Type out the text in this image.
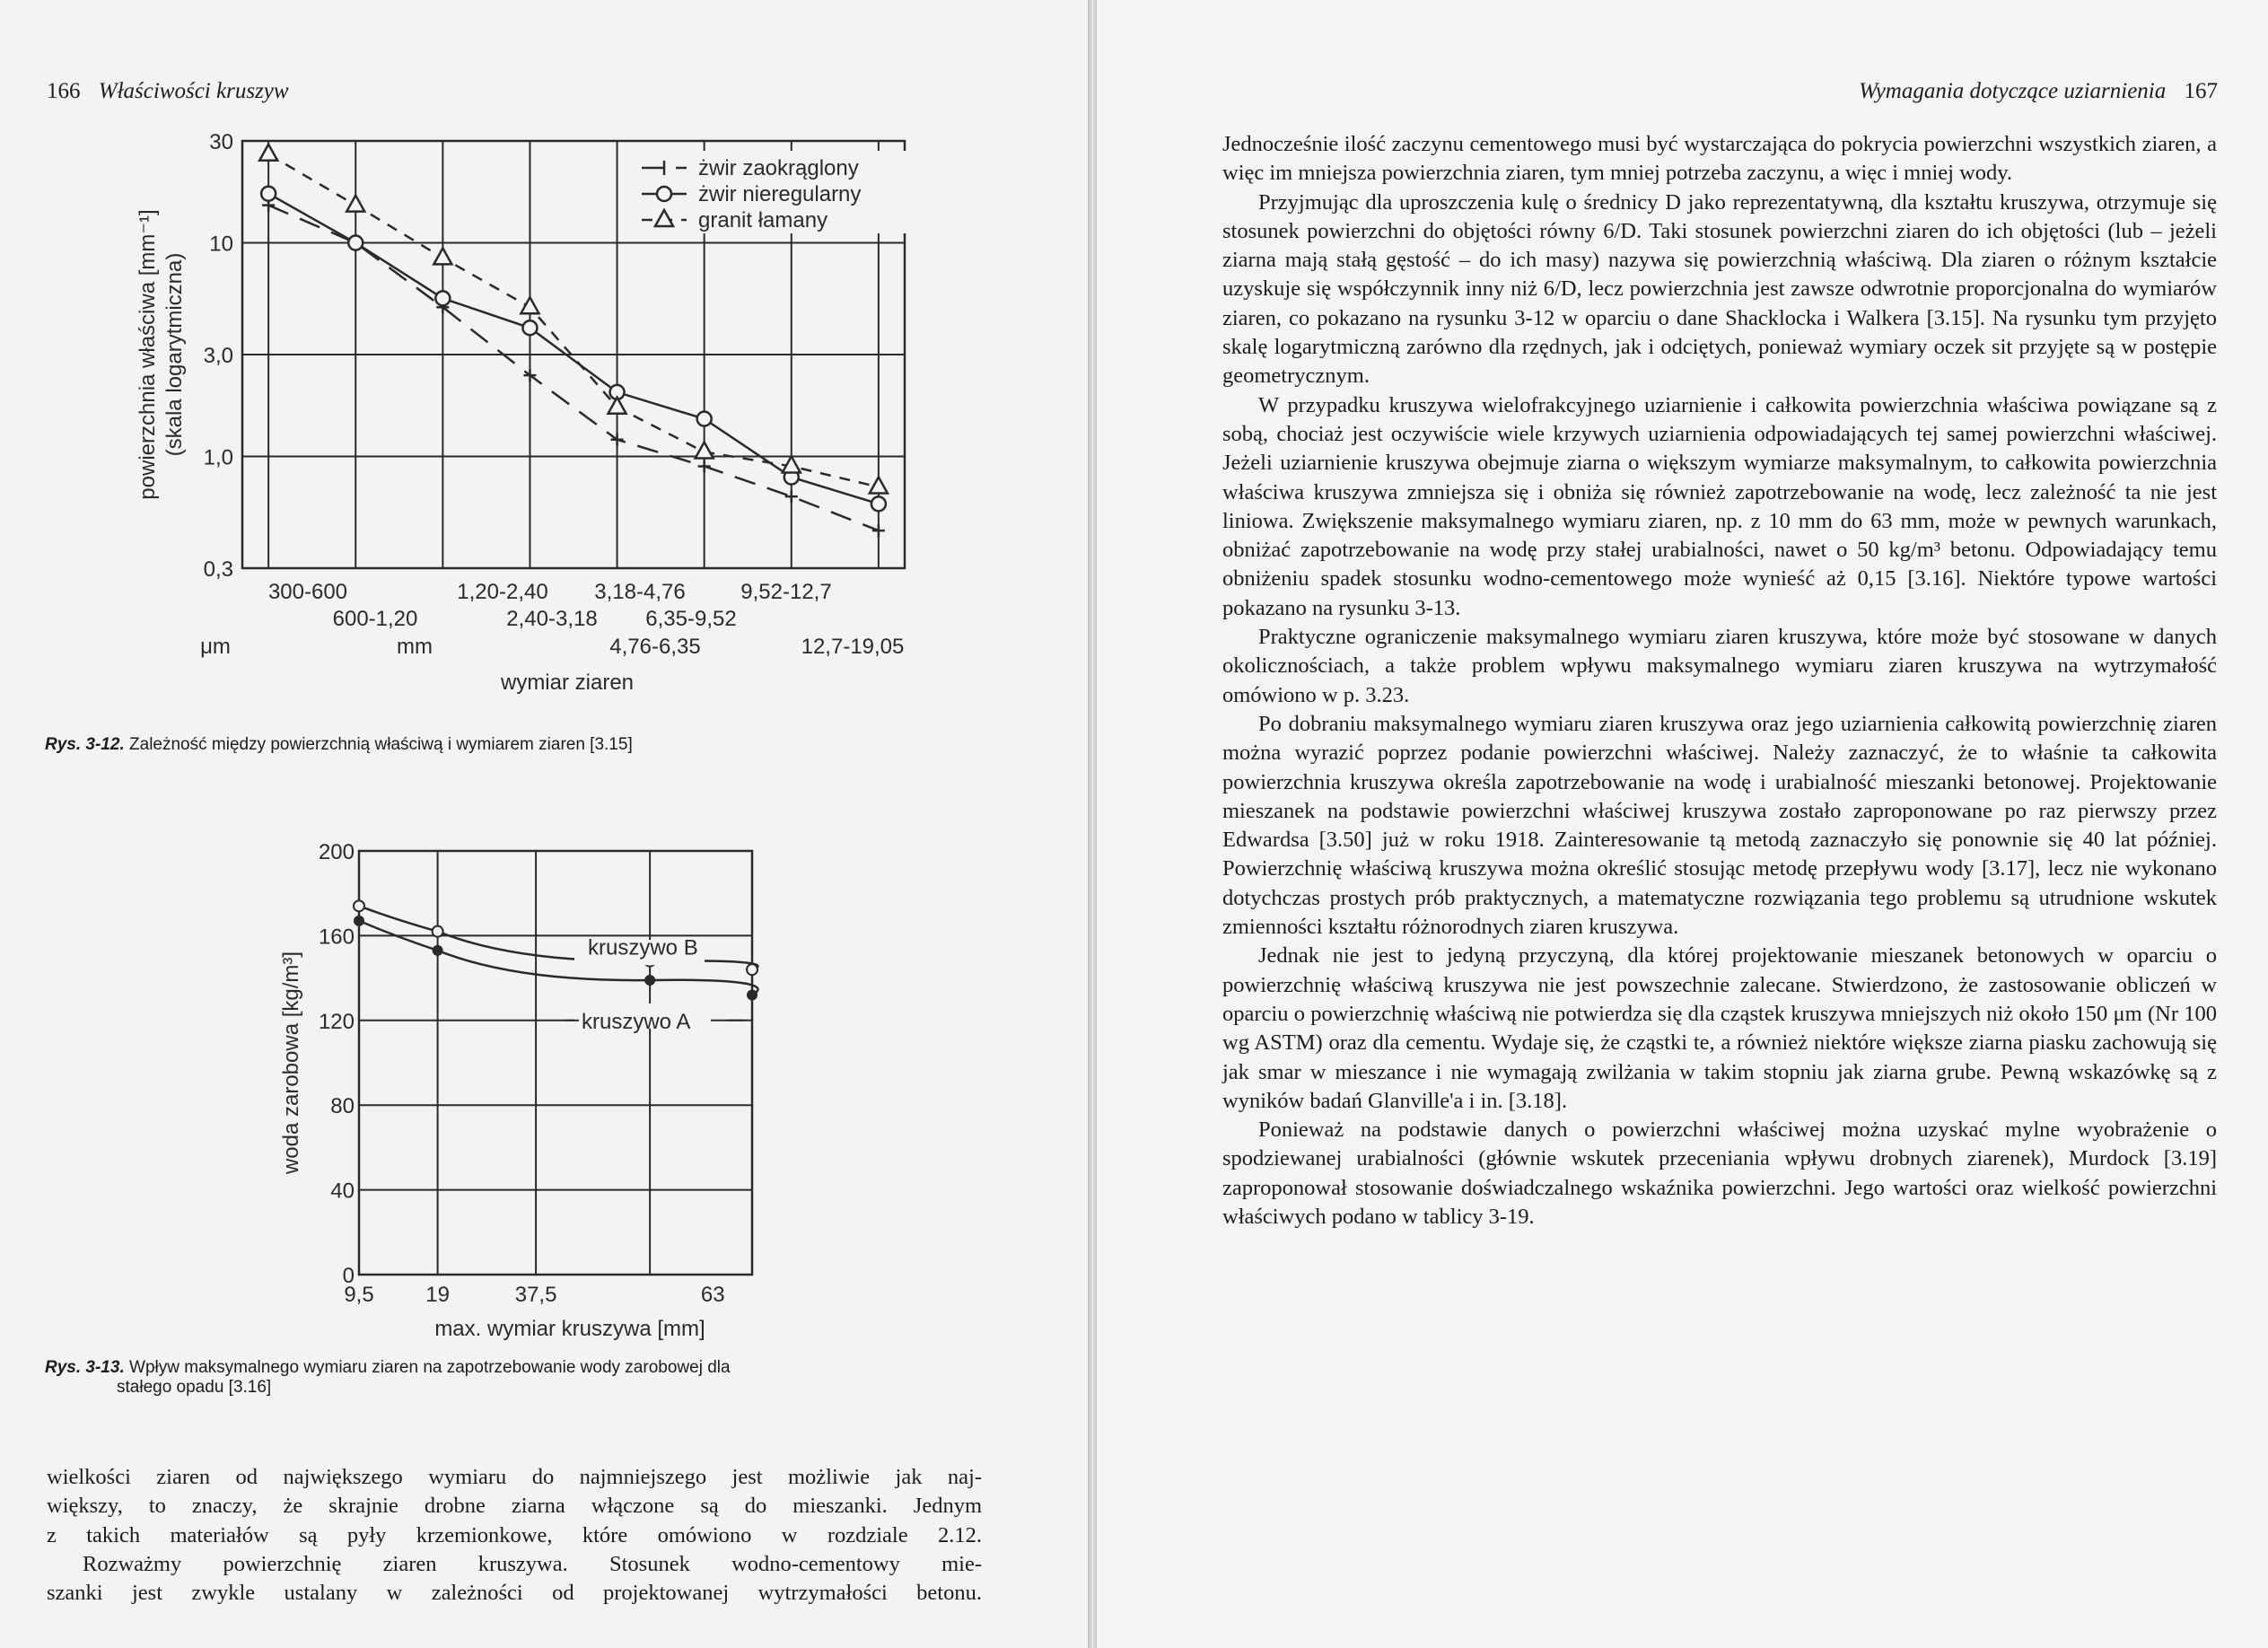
166 Właściwości kruszyw
30
10
3,0
1,0
0,3
powierzchnia właściwa [mm⁻¹] (skala logarytmiczna)
300-600
600-1,20
μm	mm
1,20-2,40
2,40-3,18
3,18-4,76
4,76-6,35
6,35-9,52
9,52-12,7
12,7-19,05
wymiar ziaren
żwir zaokrąglony
żwir nieregularny
granit łamany
Rys. 3-12. Zależność między powierzchnią właściwą i wymiarem ziaren [3.15]
0
40
80
120
160
200
woda zarobowa [kg/m³]
9,5 19	37,5	63
max. wymiar kruszywa [mm]
kruszywo B
kruszywo A
Rys. 3-13. Wpływ maksymalnego wymiaru ziaren na zapotrzebowanie wody zarobowej dla
stałego opadu [3.16]
wielkości ziaren od największego wymiaru do najmniejszego jest możliwie jak naj-
większy, to znaczy, że skrajnie drobne ziarna włączone są do mieszanki. Jednym
z takich materiałów są pyły krzemionkowe, które omówiono w rozdziale 2.12.
Rozważmy powierzchnię ziaren kruszywa. Stosunek wodno-cementowy mie-
szanki jest zwykle ustalany w zależności od projektowanej wytrzymałości betonu.
Wymagania dotyczące uziarnienia 167

Jednocześnie ilość zaczynu cementowego musi być wystarczająca do pokrycia powierzchni wszystkich ziaren, a więc im mniejsza powierzchnia ziaren, tym mniej potrzeba zaczynu, a więc i mniej wody.

Przyjmując dla uproszczenia kulę o średnicy D jako reprezentatywną, dla kształtu kruszywa, otrzymuje się stosunek powierzchni do objętości równy 6/D. Taki stosunek powierzchni ziaren do ich objętości (lub – jeżeli ziarna mają stałą gęstość – do ich masy) nazywa się powierzchnią właściwą. Dla ziaren o różnym kształcie uzyskuje się współczynnik inny niż 6/D, lecz powierzchnia jest zawsze odwrotnie proporcjonalna do wymiarów ziaren, co pokazano na rysunku 3-12 w oparciu o dane Shacklocka i Walkera [3.15]. Na rysunku tym przyjęto skalę logarytmiczną zarówno dla rzędnych, jak i odciętych, ponieważ wymiary oczek sit przyjęte są w postępie geometrycznym.

W przypadku kruszywa wielofrakcyjnego uziarnienie i całkowita powierzchnia właściwa powiązane są z sobą, chociaż jest oczywiście wiele krzywych uziarnienia odpowiadających tej samej powierzchni właściwej. Jeżeli uziarnienie kruszywa obejmuje ziarna o większym wymiarze maksymalnym, to całkowita powierzchnia właściwa kruszywa zmniejsza się i obniża się również zapotrzebowanie na wodę, lecz zależność ta nie jest liniowa. Zwiększenie maksymalnego wymiaru ziaren, np. z 10 mm do 63 mm, może w pewnych warunkach, obniżać zapotrzebowanie na wodę przy stałej urabialności, nawet o 50 kg/m³ betonu. Odpowiadający temu obniżeniu spadek stosunku wodno-cementowego może wynieść aż 0,15 [3.16]. Niektóre typowe wartości pokazano na rysunku 3-13.

Praktyczne ograniczenie maksymalnego wymiaru ziaren kruszywa, które może być stosowane w danych okolicznościach, a także problem wpływu maksymalnego wymiaru ziaren kruszywa na wytrzymałość omówiono w p. 3.23.

Po dobraniu maksymalnego wymiaru ziaren kruszywa oraz jego uziarnienia całkowitą powierzchnię ziaren można wyrazić poprzez podanie powierzchni właściwej. Należy zaznaczyć, że to właśnie ta całkowita powierzchnia kruszywa określa zapotrzebowanie na wodę i urabialność mieszanki betonowej. Projektowanie mieszanek na podstawie powierzchni właściwej kruszywa zostało zaproponowane po raz pierwszy przez Edwardsa [3.50] już w roku 1918. Zainteresowanie tą metodą zaznaczyło się ponownie się 40 lat później. Powierzchnię właściwą kruszywa można określić stosując metodę przepływu wody [3.17], lecz nie wykonano dotychczas prostych prób praktycznych, a matematyczne rozwiązania tego problemu są utrudnione wskutek zmienności kształtu różnorodnych ziaren kruszywa.

Jednak nie jest to jedyną przyczyną, dla której projektowanie mieszanek betonowych w oparciu o powierzchnię właściwą kruszywa nie jest powszechnie zalecane. Stwierdzono, że zastosowanie obliczeń w oparciu o powierzchnię właściwą nie potwierdza się dla cząstek kruszywa mniejszych niż około 150 μm (Nr 100 wg ASTM) oraz dla cementu. Wydaje się, że cząstki te, a również niektóre większe ziarna piasku zachowują się jak smar w mieszance i nie wymagają zwilżania w takim stopniu jak ziarna grube. Pewną wskazówkę są z wyników badań Glanville'a i in. [3.18].

Ponieważ na podstawie danych o powierzchni właściwej można uzyskać mylne wyobrażenie o spodziewanej urabialności (głównie wskutek przeceniania wpływu drobnych ziarenek), Murdock [3.19] zaproponował stosowanie doświadczalnego wskaźnika powierzchni. Jego wartości oraz wielkość powierzchni właściwych podano w tablicy 3-19.
